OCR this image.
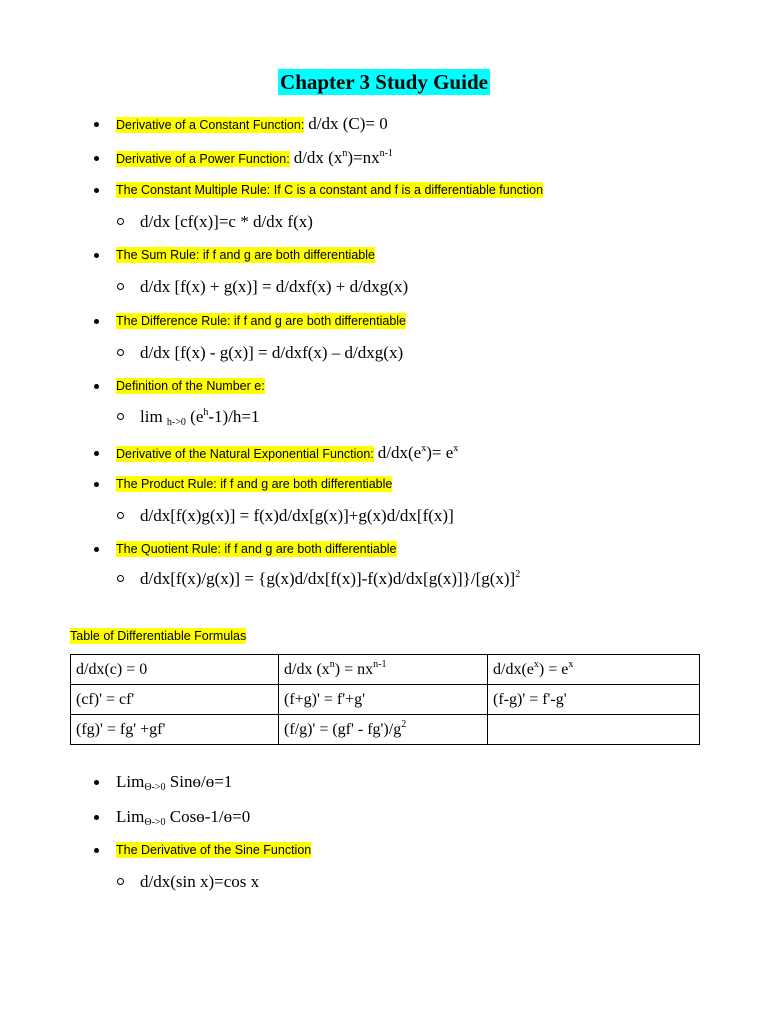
Chapter 3 Study Guide
Derivative of a Constant Function: d/dx (C)= 0
Derivative of a Power Function: d/dx $(x^n)=nx^{n-1}$
The Constant Multiple Rule: If C is a constant and f is a differentiable function
d/dx [cf(x)]=c * d/dx f(x)
The Sum Rule: if f and g are both differentiable
d/dx [f(x) + g(x)] = d/dxf(x) + d/dxg(x)
The Difference Rule: if f and g are both differentiable
d/dx [f(x) - g(x)] = d/dxf(x) – d/dxg(x)
Definition of the Number e:
lim $_{h->0}$ $(e^h-1)/h=1$
Derivative of the Natural Exponential Function: $d/dx(e^x)= e^x$
The Product Rule: if f and g are both differentiable
d/dx[f(x)g(x)] = f(x)d/dx[g(x)]+g(x)d/dx[f(x)]
The Quotient Rule: if f and g are both differentiable
$d/dx[f(x)/g(x)] = \{g(x)d/dx[f(x)]-f(x)d/dx[g(x)]\}/[g(x)]^2$
Table of Differentiable Formulas
d/dx(c) = 0	d/dx $(x^n) = nx^{n-1}$	$d/dx(e^x) = e^x$
(cf)' = cf'	(f+g)' = f'+g'	(f-g)' = f'-g'
(fg)' = fg' +gf'	$(f/g)' = (gf' - fg')/g^2$	
Lim$_{\Theta->0}$ Sinɵ/ɵ=1
Lim$_{\Theta->0}$ Cosɵ-1/ɵ=0
The Derivative of the Sine Function
d/dx(sin x)=cos x
